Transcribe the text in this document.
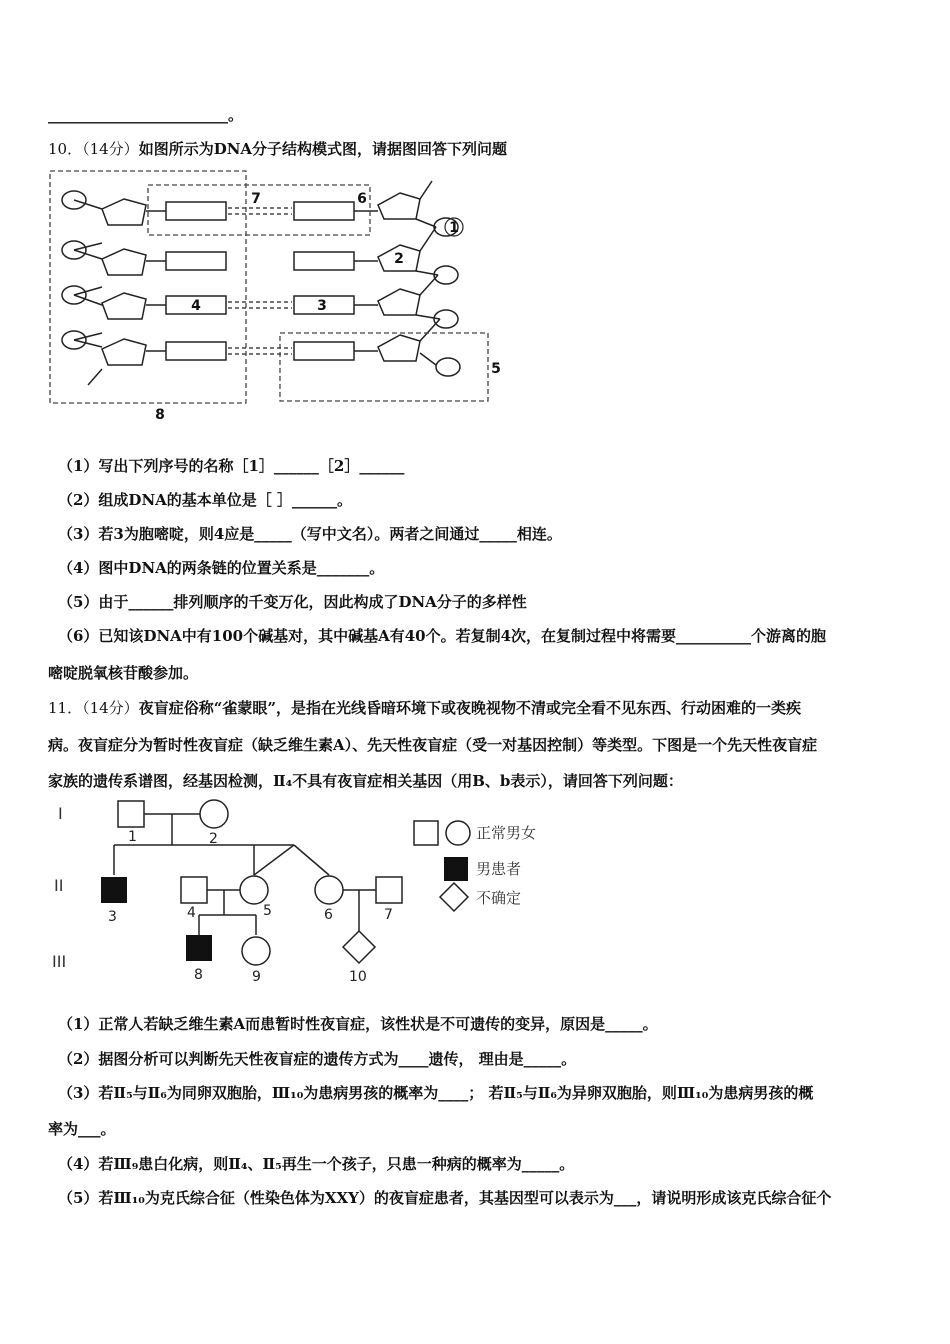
________________________。
10．（14分）如图所示为DNA分子结构模式图，请据图回答下列问题
1
2
3
4
5
6
7
8
（1）写出下列序号的名称［1］______［2］______
（2）组成DNA的基本单位是［ ］______。
（3）若3为胞嘧啶，则4应是_____（写中文名）。两者之间通过_____相连。
（4）图中DNA的两条链的位置关系是_______。
（5）由于______排列顺序的千变万化，因此构成了DNA分子的多样性
（6）已知该DNA中有100个碱基对，其中碱基A有40个。若复制4次，在复制过程中将需要__________个游离的胞
嘧啶脱氧核苷酸参加。
11．（14分）夜盲症俗称“雀蒙眼”，是指在光线昏暗环境下或夜晚视物不清或完全看不见东西、行动困难的一类疾
病。夜盲症分为暂时性夜盲症（缺乏维生素A）、先天性夜盲症（受一对基因控制）等类型。下图是一个先天性夜盲症
家族的遗传系谱图，经基因检测，Ⅱ₄不具有夜盲症相关基因（用B、b表示），请回答下列问题：
I
II
III
1	2
3	4	5	6	7
8	9	10
正常男女
男患者
不确定
（1）正常人若缺乏维生素A而患暂时性夜盲症，该性状是不可遗传的变异，原因是_____。
（2）据图分析可以判断先天性夜盲症的遗传方式为____遗传， 理由是_____。
（3）若Ⅱ₅与Ⅱ₆为同卵双胞胎，Ⅲ₁₀为患病男孩的概率为____； 若Ⅱ₅与Ⅱ₆为异卵双胞胎，则Ⅲ₁₀为患病男孩的概
率为___。
（4）若Ⅲ₉患白化病，则Ⅱ₄、Ⅱ₅再生一个孩子，只患一种病的概率为_____。
（5）若Ⅲ₁₀为克氏综合征（性染色体为XXY）的夜盲症患者，其基因型可以表示为___，请说明形成该克氏综合征个
